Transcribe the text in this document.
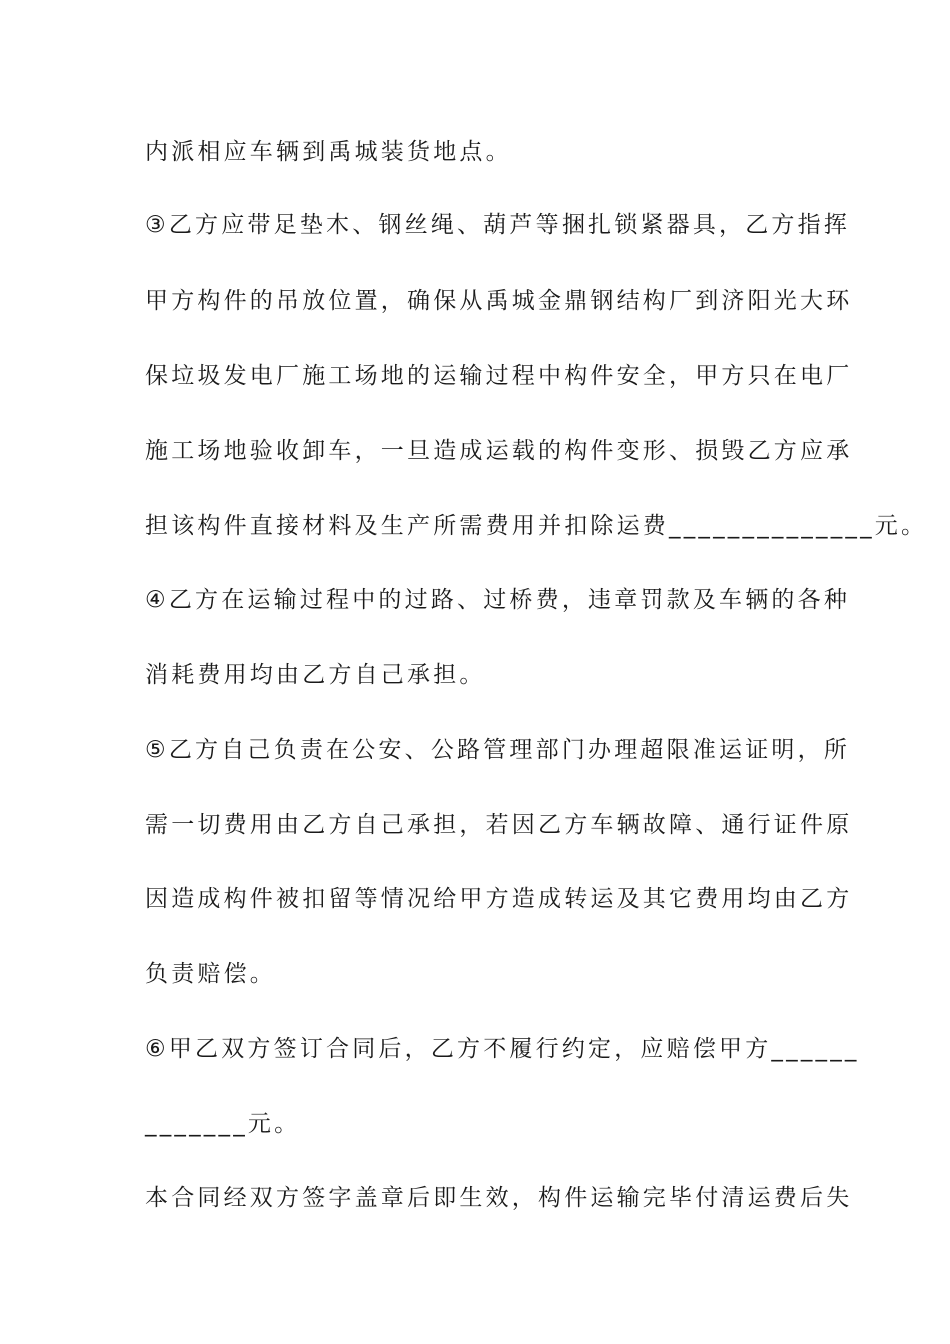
内派相应车辆到禹城装货地点。
③乙方应带足垫木、钢丝绳、葫芦等捆扎锁紧器具，乙方指挥
甲方构件的吊放位置，确保从禹城金鼎钢结构厂到济阳光大环
保垃圾发电厂施工场地的运输过程中构件安全，甲方只在电厂
施工场地验收卸车，一旦造成运载的构件变形、损毁乙方应承
担该构件直接材料及生产所需费用并扣除运费______________元。
④乙方在运输过程中的过路、过桥费，违章罚款及车辆的各种
消耗费用均由乙方自己承担。
⑤乙方自己负责在公安、公路管理部门办理超限准运证明，所
需一切费用由乙方自己承担，若因乙方车辆故障、通行证件原
因造成构件被扣留等情况给甲方造成转运及其它费用均由乙方
负责赔偿。
⑥甲乙双方签订合同后，乙方不履行约定，应赔偿甲方______
_______元。
本合同经双方签字盖章后即生效，构件运输完毕付清运费后失
